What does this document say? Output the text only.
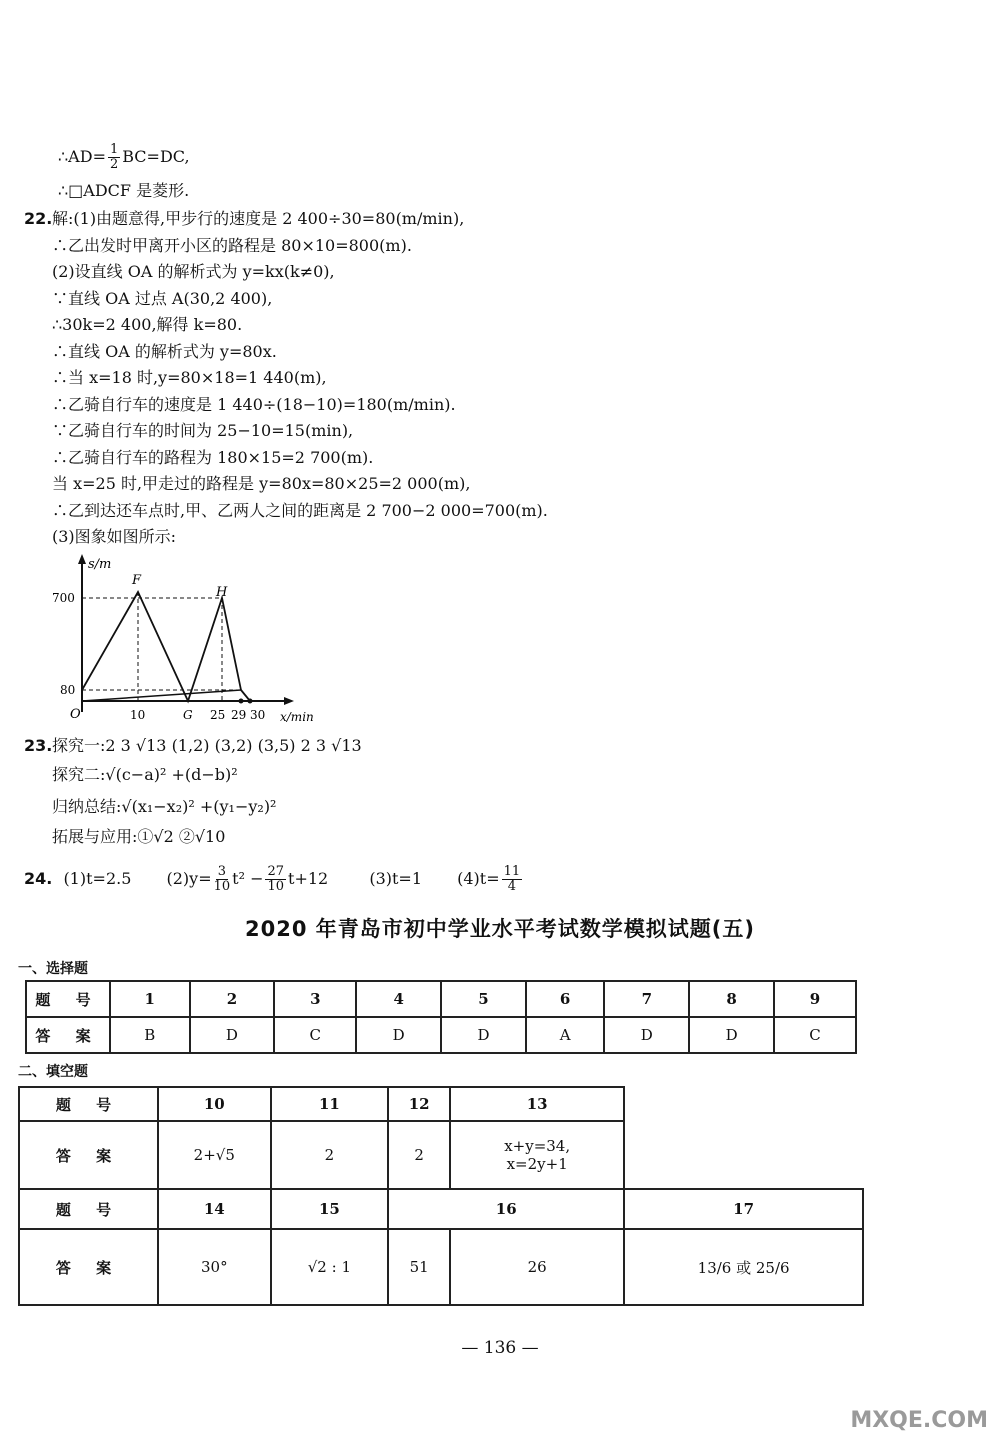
∴AD= $\frac{1}{2} BC=DC$,
∴□ADCF 是菱形.
22. 解:(1)由题意得,甲步行的速度是 2 400÷30=80(m/min),
∴乙出发时甲离开小区的路程是 80×10=800(m).
(2)设直线 OA 的解析式为 y=kx(k≠0),
∵直线 OA 过点 A(30,2 400),
∴30k=2 400,解得 k=80.
∴直线 OA 的解析式为 y=80x.
∴当 x=18 时,y=80×18=1 440(m),
∴乙骑自行车的速度是 1 440÷(18−10)=180(m/min).
∵乙骑自行车的时间为 25−10=15(min),
∴乙骑自行车的路程为 180×15=2 700(m).
当 x=25 时,甲走过的路程是 y=80x=80×25=2 000(m),
∴乙到达还车点时,甲、乙两人之间的距离是 2 700−2 000=700(m).
(3)图象如图所示:
s/m
F
H
700
80
O	10	G 25 29 30 x/min
23. 探究一:2 3 √13 (1,2) (3,2) (3,5) 2 3 √13
探究二:√(c−a)² +(d−b)²
归纳总结:√(x₁−x₂)² +(y₁−y₂)²
拓展与应用:①√2 ②√10
24. (1)t=2.5 $(2)y= \frac{3}{10} t^2 - \frac{27}{10} t+12$	(3)t=1 $(4)t= \frac{11}{4}$
2020 年青岛市初中学业水平考试数学模拟试题(五)
一、选择题
题 号	1	2	3	4	5	6	7	8	9
答 案	B	D	C	D	D	A	D	D	C
二、填空题
题 号	10	11	12	13	
答 案	2+√5	2	2	x+y=34,
x=2y+1	
题 号	14	15	16		17
答 案	30°	√2 : 1	51	26	13/6 或 25/6
— 136 —
MXQE.COM
